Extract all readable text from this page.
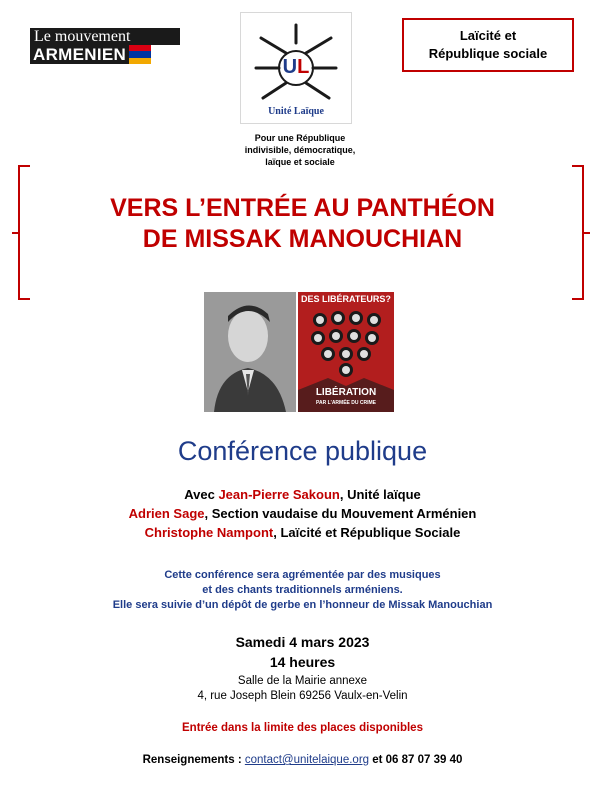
Le mouvement
ARMENIEN
UL
Unité Laïque
Laïcité et
République sociale
Pour une République
indivisible, démocratique,
laïque et sociale
VERS L’ENTRÉE AU PANTHÉON
DE MISSAK MANOUCHIAN
DES LIBÉRATEURS?
LIBÉRATION
PAR L'ARMÉE DU CRIME
Conférence publique
Avec Jean-Pierre Sakoun, Unité laïque
Adrien Sage, Section vaudaise du Mouvement Arménien
Christophe Nampont, Laïcité et République Sociale
Cette conférence sera agrémentée par des musiques
et des chants traditionnels arméniens.
Elle sera suivie d’un dépôt de gerbe en l’honneur de Missak Manouchian
Samedi 4 mars 2023
14 heures
Salle de la Mairie annexe
4, rue Joseph Blein 69256 Vaulx-en-Velin
Entrée dans la limite des places disponibles
Renseignements : contact@unitelaique.org et 06 87 07 39 40
